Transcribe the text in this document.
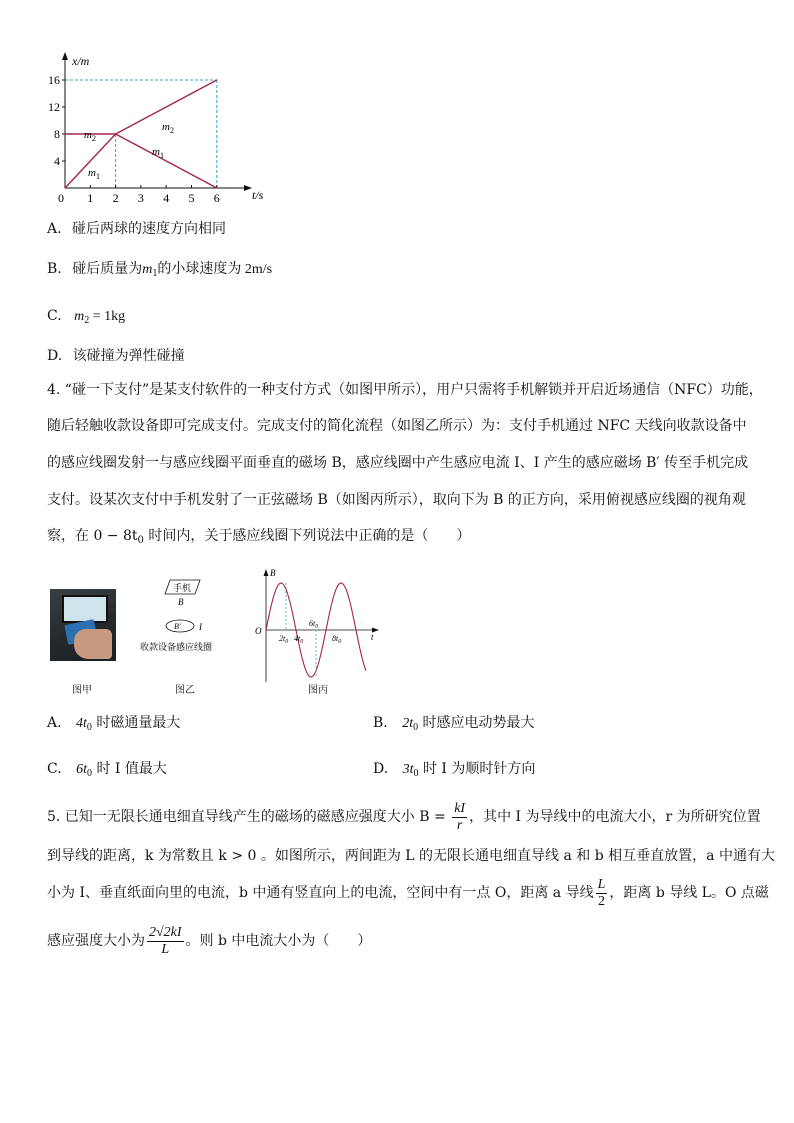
x/m
t/s
16
12
8
4
0 1 2 3 4 5 6
$m_2$
$m_1$
$m_2$
$m_1$
A. 碰后两球的速度方向相同
B. 碰后质量为$m_1$的小球速度为 2m/s
C. $m_2 = 1kg$
D. 该碰撞为弹性碰撞
4. “碰一下支付”是某支付软件的一种支付方式（如图甲所示），用户只需将手机解锁并开启近场通信（NFC）功能，
随后轻触收款设备即可完成支付。完成支付的简化流程（如图乙所示）为：支付手机通过 NFC 天线向收款设备中
的感应线圈发射一与感应线圈平面垂直的磁场 B，感应线圈中产生感应电流 I、I 产生的感应磁场 B′ 传至手机完成
支付。设某次支付中手机发射了一正弦磁场 B（如图丙所示），取向下为 B 的正方向，采用俯视感应线圈的视角观
察，在 $0 - 8t_0$ 时间内，关于感应线圈下列说法中正确的是（　　）
图甲
手机
B
B′ I
收款设备感应线圈
图乙
B
O
t
$2t_0$ $4t_0$
$6t_0$
$8t_0$
图丙
A. $4t_0$ 时磁通量最大	B. $2t_0$ 时感应电动势最大
C. $6t_0$ 时 I 值最大	D. $3t_0$ 时 I 为顺时针方向
5. 已知一无限长通电细直导线产生的磁场的磁感应强度大小 $B = \frac{kI}{r}$ ，其中 I 为导线中的电流大小，r 为所研究位置
到导线的距离，k 为常数且 k > 0 。如图所示，两间距为 L 的无限长通电细直导线 a 和 b 相互垂直放置，a 中通有大
小为 I、垂直纸面向里的电流，b 中通有竖直向上的电流，空间中有一点 O，距离 a 导线 $\frac{L}{2}$ ，距离 b 导线 L。O 点磁
感应强度大小为 $\frac{2√2kI}{L}$ 。则 b 中电流大小为（　　）
